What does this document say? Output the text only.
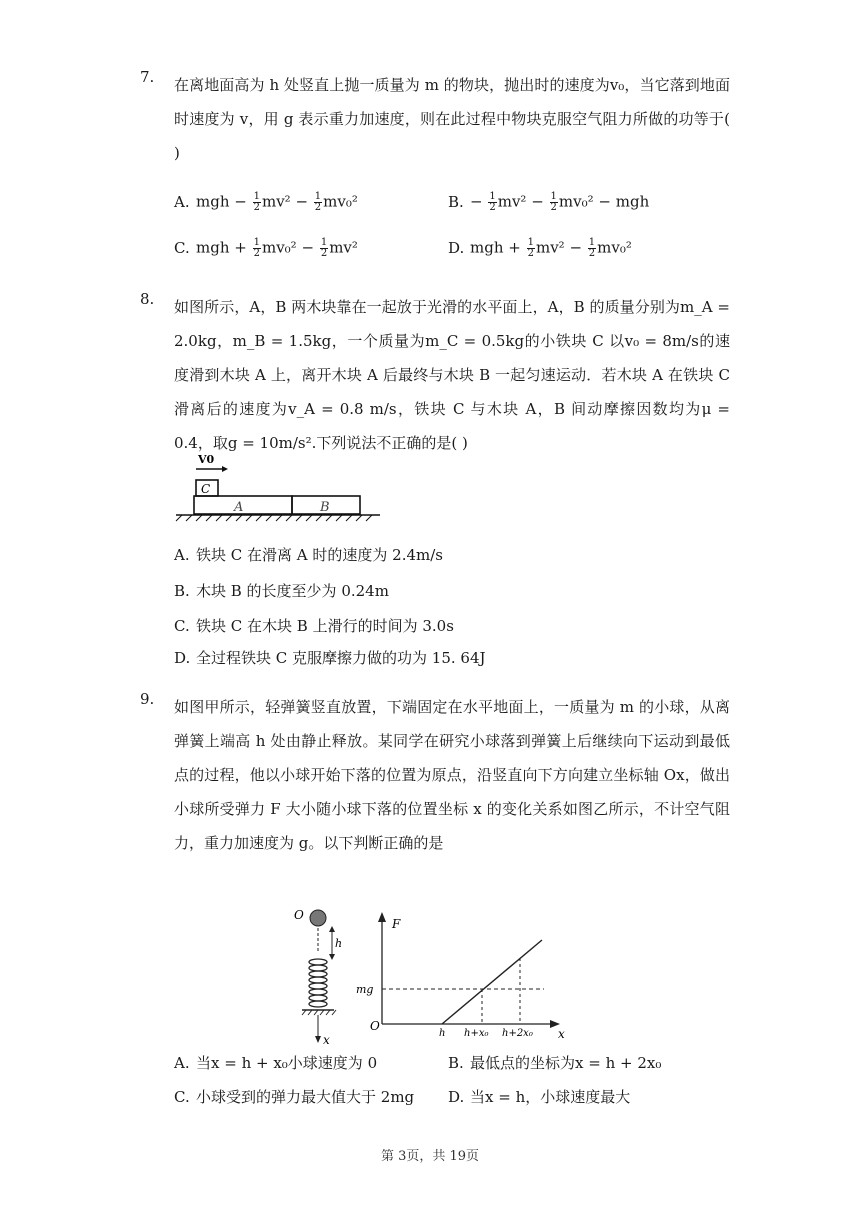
7.	在离地面高为 h 处竖直上抛一质量为 m 的物块，抛出时的速度为v₀，当它落到地面时速度为 v，用 g 表示重力加速度，则在此过程中物块克服空气阻力所做的功等于( )
A. mgh − $\frac{1}{2} mv^2 - \frac{1}{2} mv_0^2$	B. − $\frac{1}{2} mv^2 - \frac{1}{2} mv_0^2$ − mgh
C. mgh + $\frac{1}{2} mv_0^2 - \frac{1}{2} mv^2$	D. mgh + $\frac{1}{2} mv^2 - \frac{1}{2} mv_0^2$
8.	如图所示，A，B 两木块靠在一起放于光滑的水平面上，A，B 的质量分别为m_A = 2.0kg，m_B = 1.5kg，一个质量为m_C = 0.5kg的小铁块 C 以v₀ = 8m/s的速度滑到木块 A 上，离开木块 A 后最终与木块 B 一起匀速运动．若木块 A 在铁块 C 滑离后的速度为v_A = 0.8 m/s，铁块 C 与木块 A，B 间动摩擦因数均为μ = 0.4，取g = 10m/s².下列说法不正确的是( )
V0
C
A	B
A. 铁块 C 在滑离 A 时的速度为 2.4m/s
B. 木块 B 的长度至少为 0.24m
C. 铁块 C 在木块 B 上滑行的时间为 3.0s
D. 全过程铁块 C 克服摩擦力做的功为 15. 64J
9.	如图甲所示，轻弹簧竖直放置，下端固定在水平地面上，一质量为 m 的小球，从离弹簧上端高 h 处由静止释放。某同学在研究小球落到弹簧上后继续向下运动到最低点的过程，他以小球开始下落的位置为原点，沿竖直向下方向建立坐标轴 Ox，做出小球所受弹力 F 大小随小球下落的位置坐标 x 的变化关系如图乙所示，不计空气阻力，重力加速度为 g。以下判断正确的是
O
h
x
F
x
O
mg
h h+x₀ h+2x₀
A. 当x = h + x₀小球速度为 0	B. 最低点的坐标为x = h + 2x₀
C. 小球受到的弹力最大值大于 2mg D. 当x = h，小球速度最大
第 3页，共 19页
